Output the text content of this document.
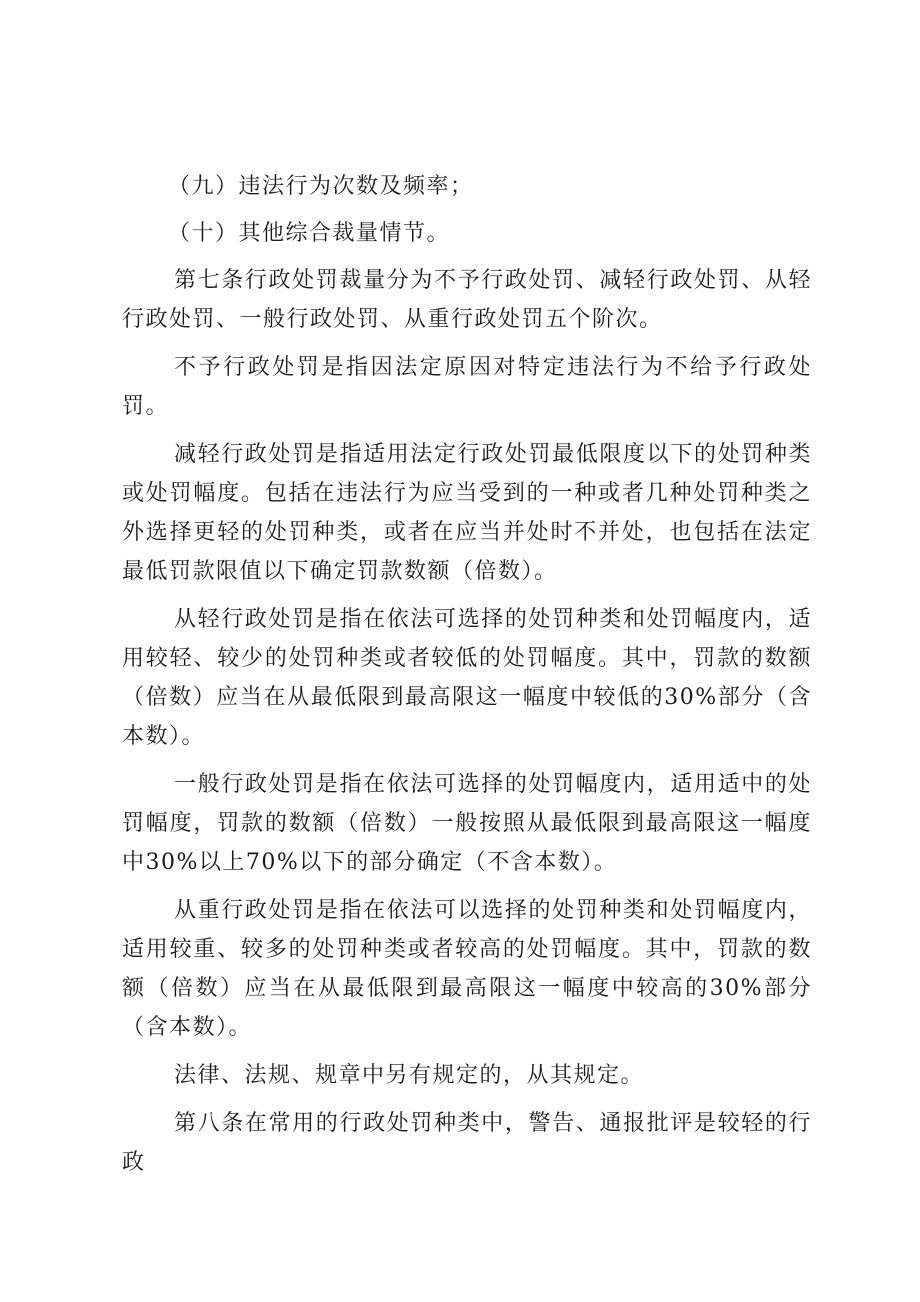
（九）违法行为次数及频率；

（十）其他综合裁量情节。

第七条行政处罚裁量分为不予行政处罚、减轻行政处罚、从轻行政处罚、一般行政处罚、从重行政处罚五个阶次。

不予行政处罚是指因法定原因对特定违法行为不给予行政处罚。

减轻行政处罚是指适用法定行政处罚最低限度以下的处罚种类或处罚幅度。包括在违法行为应当受到的一种或者几种处罚种类之外选择更轻的处罚种类，或者在应当并处时不并处，也包括在法定最低罚款限值以下确定罚款数额（倍数）。

从轻行政处罚是指在依法可选择的处罚种类和处罚幅度内，适用较轻、较少的处罚种类或者较低的处罚幅度。其中，罚款的数额（倍数）应当在从最低限到最高限这一幅度中较低的30%部分（含本数）。

一般行政处罚是指在依法可选择的处罚幅度内，适用适中的处罚幅度，罚款的数额（倍数）一般按照从最低限到最高限这一幅度中30%以上70%以下的部分确定（不含本数）。

从重行政处罚是指在依法可以选择的处罚种类和处罚幅度内，适用较重、较多的处罚种类或者较高的处罚幅度。其中，罚款的数额（倍数）应当在从最低限到最高限这一幅度中较高的30%部分（含本数）。

法律、法规、规章中另有规定的，从其规定。

第八条在常用的行政处罚种类中，警告、通报批评是较轻的行政
